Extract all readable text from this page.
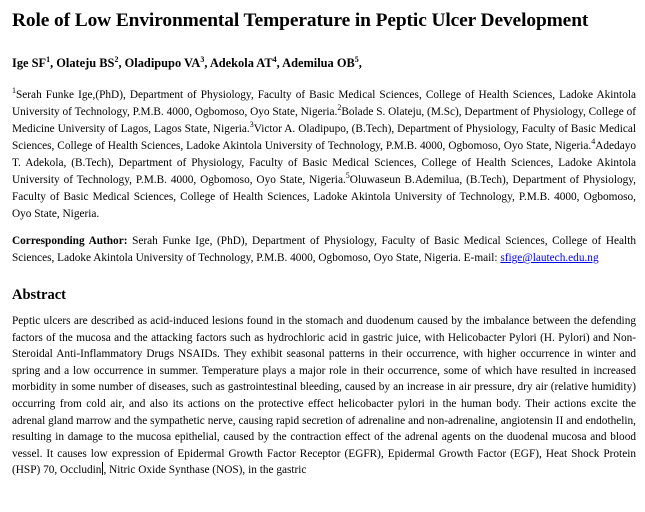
Role of Low Environmental Temperature in Peptic Ulcer Development
Ige $SF^1$, Olateju $BS^2$, Oladipupo $VA^3$, Adekola $AT^4$, Ademilua $OB^5$,
$^1$Serah Funke Ige,(PhD), Department of Physiology, Faculty of Basic Medical Sciences, College of Health Sciences, Ladoke Akintola University of Technology, P.M.B. 4000, Ogbomoso, Oyo State, Nigeria.$^2$Bolade S. Olateju, (M.Sc), Department of Physiology, College of Medicine University of Lagos, Lagos State, Nigeria.$^3$Victor A. Oladipupo, (B.Tech), Department of Physiology, Faculty of Basic Medical Sciences, College of Health Sciences, Ladoke Akintola University of Technology, P.M.B. 4000, Ogbomoso, Oyo State, Nigeria.$^4$Adedayo T. Adekola, (B.Tech), Department of Physiology, Faculty of Basic Medical Sciences, College of Health Sciences, Ladoke Akintola University of Technology, P.M.B. 4000, Ogbomoso, Oyo State, Nigeria.$^5$Oluwaseun B.Ademilua, (B.Tech), Department of Physiology, Faculty of Basic Medical Sciences, College of Health Sciences, Ladoke Akintola University of Technology, P.M.B. 4000, Ogbomoso, Oyo State, Nigeria.
Corresponding Author: Serah Funke Ige, (PhD), Department of Physiology, Faculty of Basic Medical Sciences, College of Health Sciences, Ladoke Akintola University of Technology, P.M.B. 4000, Ogbomoso, Oyo State, Nigeria. E-mail: sfige@lautech.edu.ng
Abstract
Peptic ulcers are described as acid-induced lesions found in the stomach and duodenum caused by the imbalance between the defending factors of the mucosa and the attacking factors such as hydrochloric acid in gastric juice, with Helicobacter Pylori (H. Pylori) and Non-Steroidal Anti-Inflammatory Drugs NSAIDs. They exhibit seasonal patterns in their occurrence, with higher occurrence in winter and spring and a low occurrence in summer. Temperature plays a major role in their occurrence, some of which have resulted in increased morbidity in some number of diseases, such as gastrointestinal bleeding, caused by an increase in air pressure, dry air (relative humidity) occurring from cold air, and also its actions on the protective effect helicobacter pylori in the human body. Their actions excite the adrenal gland marrow and the sympathetic nerve, causing rapid secretion of adrenaline and non-adrenaline, angiotensin II and endothelin, resulting in damage to the mucosa epithelial, caused by the contraction effect of the adrenal agents on the duodenal mucosa and blood vessel. It causes low expression of Epidermal Growth Factor Receptor (EGFR), Epidermal Growth Factor (EGF), Heat Shock Protein (HSP) 70, Occludin , Nitric Oxide Synthase (NOS), in the gastric
